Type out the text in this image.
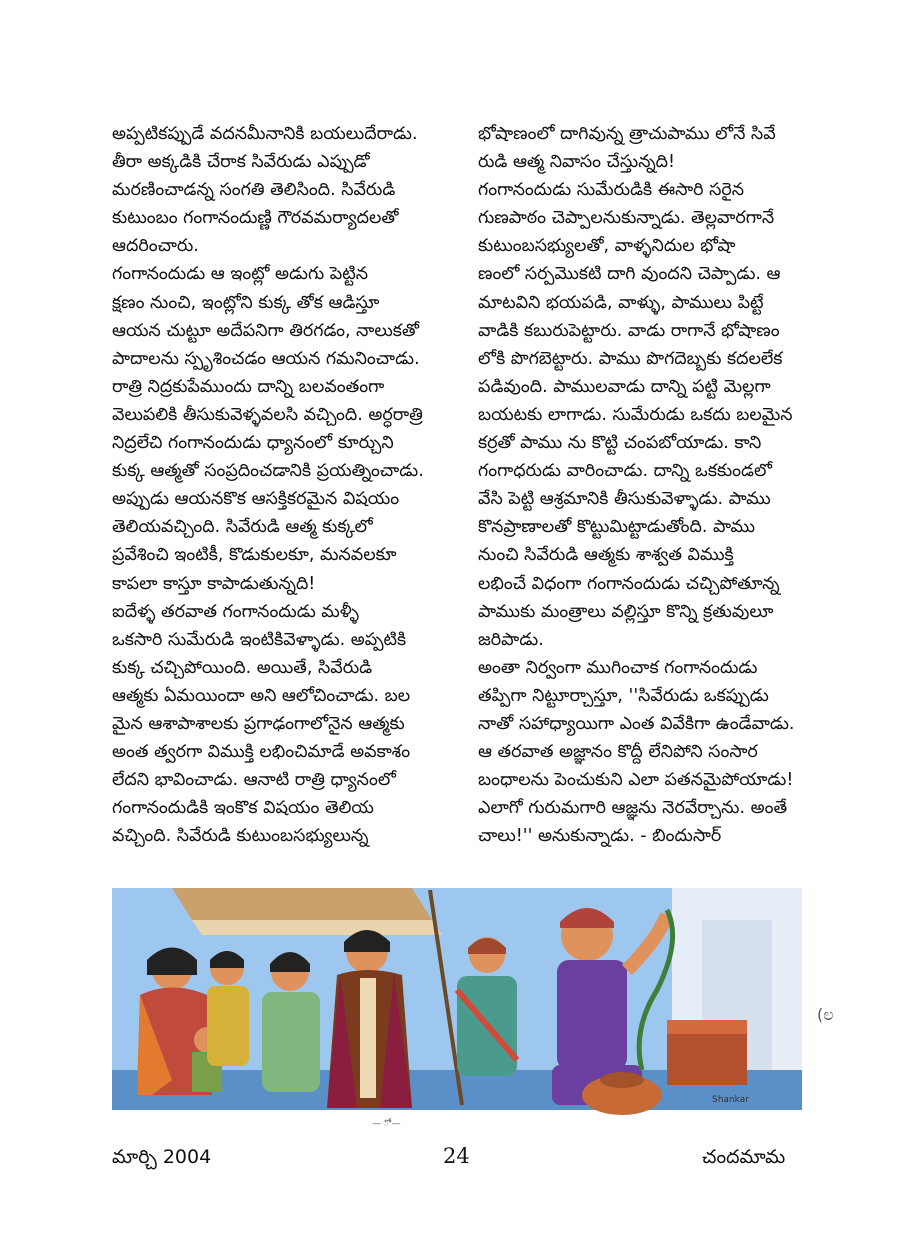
అప్పటికప్పుడే వదనమీనానికి బయలుదేరాడు.
తీరా అక్కడికి చేరాక సివేరుడు ఎప్పుడో
మరణించాడన్న సంగతి తెలిసింది. సివేరుడి
కుటుంబం గంగానందుణ్ణి గౌరవమర్యాదలతో
ఆదరించారు.
గంగానందుడు ఆ ఇంట్లో అడుగు పెట్టిన
క్షణం నుంచి, ఇంట్లోని కుక్క తోక ఆడిస్తూ
ఆయన చుట్టూ అదేపనిగా తిరగడం, నాలుకతో
పాదాలను స్పృశించడం ఆయన గమనించాడు.
రాత్రి నిద్రకుపేముందు దాన్ని బలవంతంగా
వెలుపలికి తీసుకువెళ్ళవలసి వచ్చింది. అర్ధరాత్రి
నిద్రలేచి గంగానందుడు ధ్యానంలో కూర్చుని
కుక్క ఆత్మతో సంప్రదించడానికి ప్రయత్నించాడు.
అప్పుడు ఆయనకొక ఆసక్తికరమైన విషయం
తెలియవచ్చింది. సివేరుడి ఆత్మ కుక్కలో
ప్రవేశించి ఇంటికీ, కొడుకులకూ, మనవలకూ
కాపలా కాస్తూ కాపాడుతున్నది!
ఐదేళ్ళ తరవాత గంగానందుడు మళ్ళీ
ఒకసారి సుమేరుడి ఇంటికివెళ్ళాడు. అప్పటికి
కుక్క చచ్చిపోయింది. అయితే, సివేరుడి
ఆత్మకు ఏమయిందా అని ఆలోచించాడు. బల
మైన ఆశాపాశాలకు ప్రగాఢంగాలోనైన ఆత్మకు
అంత త్వరగా విముక్తి లభించిమాడే అవకాశం
లేదని భావించాడు. ఆనాటి రాత్రి ధ్యానంలో
గంగానందుడికి ఇంకొక విషయం తెలియ
వచ్చింది. సివేరుడి కుటుంబసభ్యులున్న
భోషాణంలో దాగివున్న త్రాచుపాము లోనే సివే
రుడి ఆత్మ నివాసం చేస్తున్నది!
గంగానందుడు సుమేరుడికి ఈసారి సరైన
గుణపాఠం చెప్పాలనుకున్నాడు. తెల్లవారగానే
కుటుంబసభ్యులతో, వాళ్ళనిదుల భోషా
ణంలో సర్పమొకటి దాగి వుందని చెప్పాడు. ఆ
మాటవిని భయపడి, వాళ్ళు, పాములు పిట్టే
వాడికి కబురుపెట్టారు. వాడు రాగానే భోషాణం
లోకి పొగబెట్టారు. పాము పొగదెబ్బకు కదలలేక
పడివుంది. పాములవాడు దాన్ని పట్టి మెల్లగా
బయటకు లాగాడు. సుమేరుడు ఒకదు బలమైన
కర్రతో పాము ను కొట్టి చంపబోయాడు. కాని
గంగాధరుడు వారించాడు. దాన్ని ఒకకుండలో
వేసి పెట్టి ఆశ్రమానికి తీసుకువెళ్ళాడు. పాము
కొనప్రాణాలతో కొట్టుమిట్టాడుతోంది. పాము
నుంచి సివేరుడి ఆత్మకు శాశ్వత విముక్తి
లభించే విధంగా గంగానందుడు చచ్చిపోతూన్న
పాముకు మంత్రాలు వల్లిస్తూ కొన్ని క్రతువులూ
జరిపాడు.
అంతా నిర్వంగా ముగించాక గంగానందుడు
తప్పిగా నిట్టూర్చాస్తూ, ''సివేరుడు ఒకప్పుడు
నాతో సహాధ్యాయిగా ఎంత వివేకిగా ఉండేవాడు.
ఆ తరవాత అజ్ఞానం కొద్దీ లేనిపోని సంసార
బంధాలను పెంచుకుని ఎలా పతనమైపోయాడు!
ఎలాగో గురుమగారి ఆజ్ఞను నెరవేర్చాను. అంతే
చాలు!'' అనుకున్నాడు. - బిందుసార్
Shankar
— ో —
(ಲ
మార్చి 2004	24	చందమామ
